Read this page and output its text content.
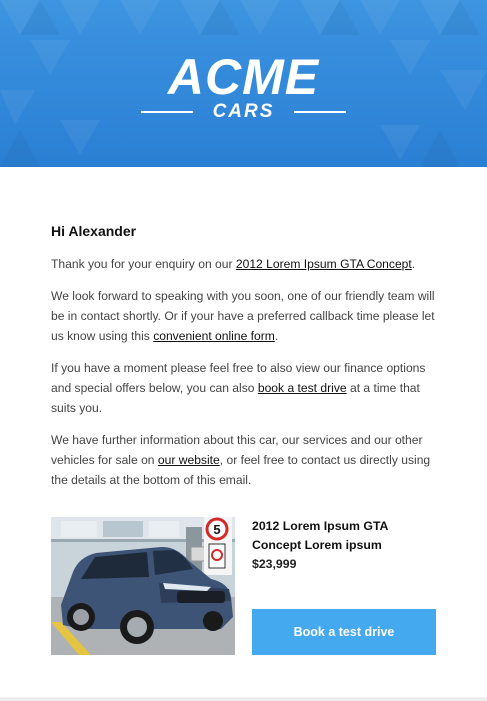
ACME
CARS
Hi Alexander

Thank you for your enquiry on our 2012 Lorem Ipsum GTA Concept.

We look forward to speaking with you soon, one of our friendly team will be in contact shortly. Or if your have a preferred callback time please let us know using this convenient online form.

If you have a moment please feel free to also view our finance options and special offers below, you can also book a test drive at a time that suits you.

We have further information about this car, our services and our other vehicles for sale on our website, or feel free to contact us directly using the details at the bottom of this email.

5	2012 Lorem Ipsum GTA Concept Lorem ipsum
$23,999
Book a test drive
